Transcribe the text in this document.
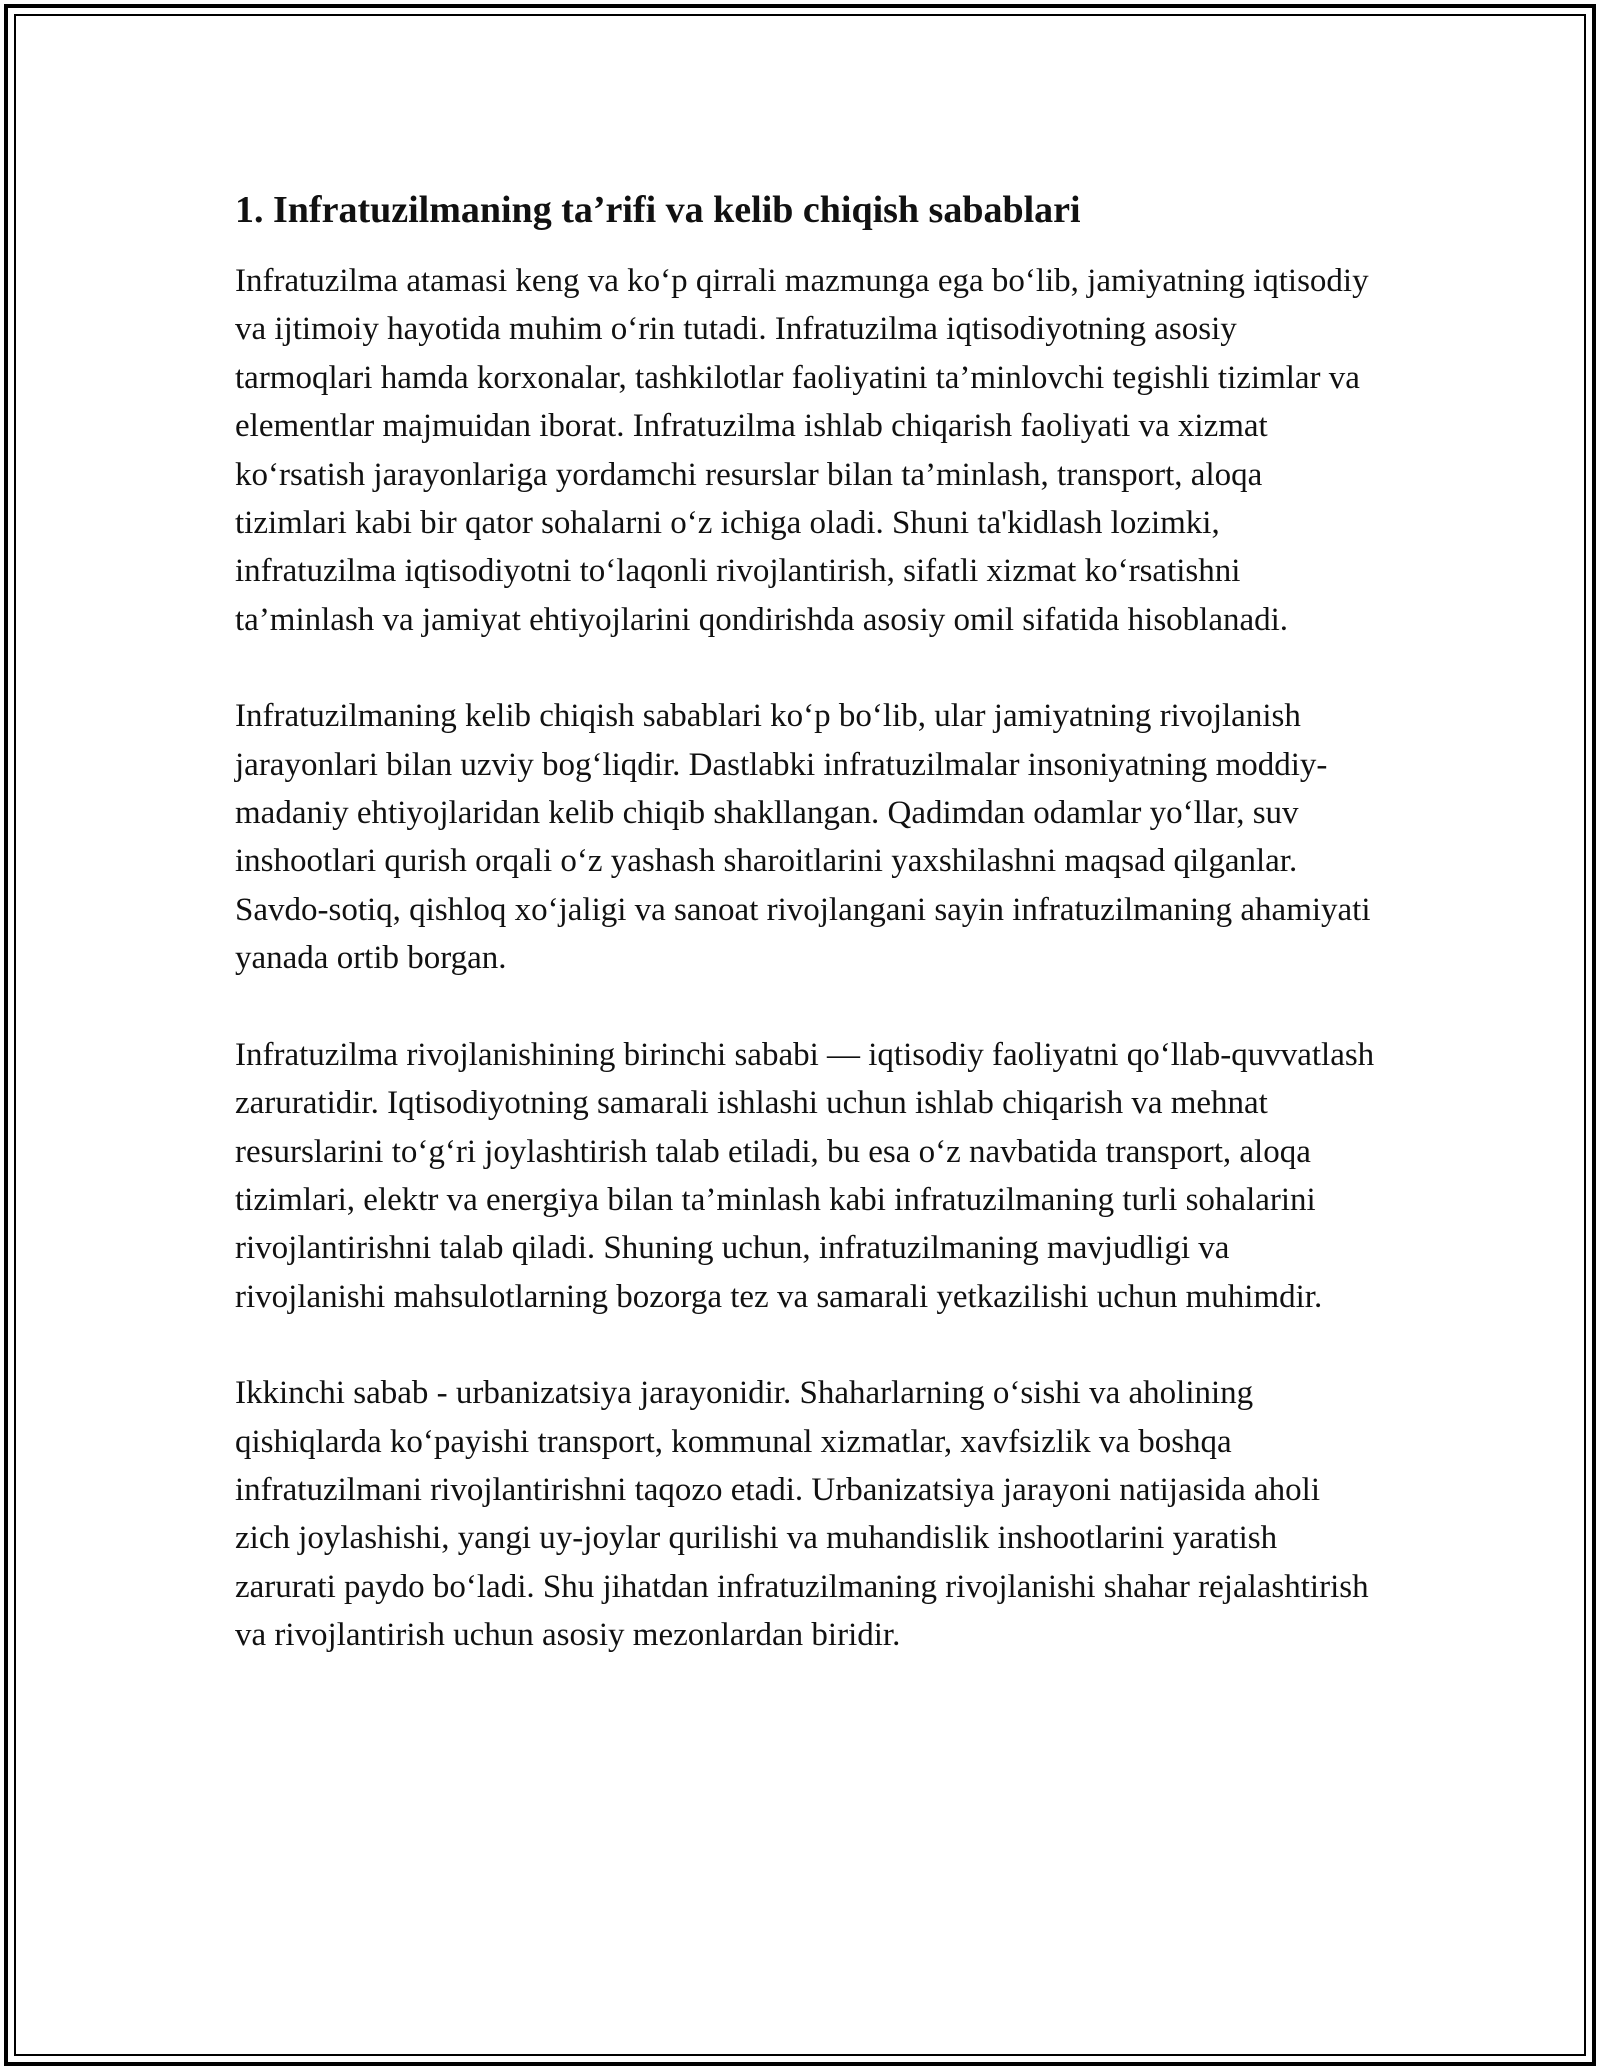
1. Infratuzilmaning ta’rifi va kelib chiqish sabablari

Infratuzilma atamasi keng va ko‘p qirrali mazmunga ega bo‘lib, jamiyatning iqtisodiy va ijtimoiy hayotida muhim o‘rin tutadi. Infratuzilma iqtisodiyotning asosiy tarmoqlari hamda korxonalar, tashkilotlar faoliyatini ta’minlovchi tegishli tizimlar va elementlar majmuidan iborat. Infratuzilma ishlab chiqarish faoliyati va xizmat ko‘rsatish jarayonlariga yordamchi resurslar bilan ta’minlash, transport, aloqa tizimlari kabi bir qator sohalarni o‘z ichiga oladi. Shuni ta'kidlash lozimki, infratuzilma iqtisodiyotni to‘laqonli rivojlantirish, sifatli xizmat ko‘rsatishni ta’minlash va jamiyat ehtiyojlarini qondirishda asosiy omil sifatida hisoblanadi.

Infratuzilmaning kelib chiqish sabablari ko‘p bo‘lib, ular jamiyatning rivojlanish jarayonlari bilan uzviy bog‘liqdir. Dastlabki infratuzilmalar insoniyatning moddiy-madaniy ehtiyojlaridan kelib chiqib shakllangan. Qadimdan odamlar yo‘llar, suv inshootlari qurish orqali o‘z yashash sharoitlarini yaxshilashni maqsad qilganlar. Savdo-sotiq, qishloq xo‘jaligi va sanoat rivojlangani sayin infratuzilmaning ahamiyati yanada ortib borgan.

Infratuzilma rivojlanishining birinchi sababi — iqtisodiy faoliyatni qo‘llab-quvvatlash zaruratidir. Iqtisodiyotning samarali ishlashi uchun ishlab chiqarish va mehnat resurslarini to‘g‘ri joylashtirish talab etiladi, bu esa o‘z navbatida transport, aloqa tizimlari, elektr va energiya bilan ta’minlash kabi infratuzilmaning turli sohalarini rivojlantirishni talab qiladi. Shuning uchun, infratuzilmaning mavjudligi va rivojlanishi mahsulotlarning bozorga tez va samarali yetkazilishi uchun muhimdir.

Ikkinchi sabab - urbanizatsiya jarayonidir. Shaharlarning o‘sishi va aholining qishiqlarda ko‘payishi transport, kommunal xizmatlar, xavfsizlik va boshqa infratuzilmani rivojlantirishni taqozo etadi. Urbanizatsiya jarayoni natijasida aholi zich joylashishi, yangi uy-joylar qurilishi va muhandislik inshootlarini yaratish zarurati paydo bo‘ladi. Shu jihatdan infratuzilmaning rivojlanishi shahar rejalashtirish va rivojlantirish uchun asosiy mezonlardan biridir.
